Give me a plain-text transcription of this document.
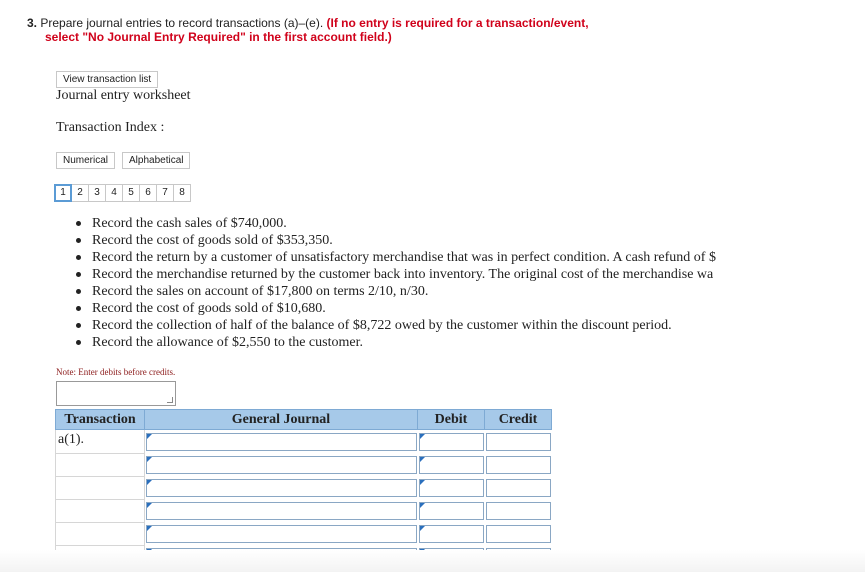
3. Prepare journal entries to record transactions (a)–(e). (If no entry is required for a transaction/event,
select "No Journal Entry Required" in the first account field.)
View transaction list
Journal entry worksheet
Transaction Index :
Numerical	Alphabetical
1	2	3	4	5	6	7	8
Record the cash sales of $740,000.
Record the cost of goods sold of $353,350.
Record the return by a customer of unsatisfactory merchandise that was in perfect condition. A cash refund of $
Record the merchandise returned by the customer back into inventory. The original cost of the merchandise wa
Record the sales on account of $17,800 on terms 2/10, n/30.
Record the cost of goods sold of $10,680.
Record the collection of half of the balance of $8,722 owed by the customer within the discount period.
Record the allowance of $2,550 to the customer.
Note: Enter debits before credits.
Transaction	General Journal	Debit	Credit
a(1).	
